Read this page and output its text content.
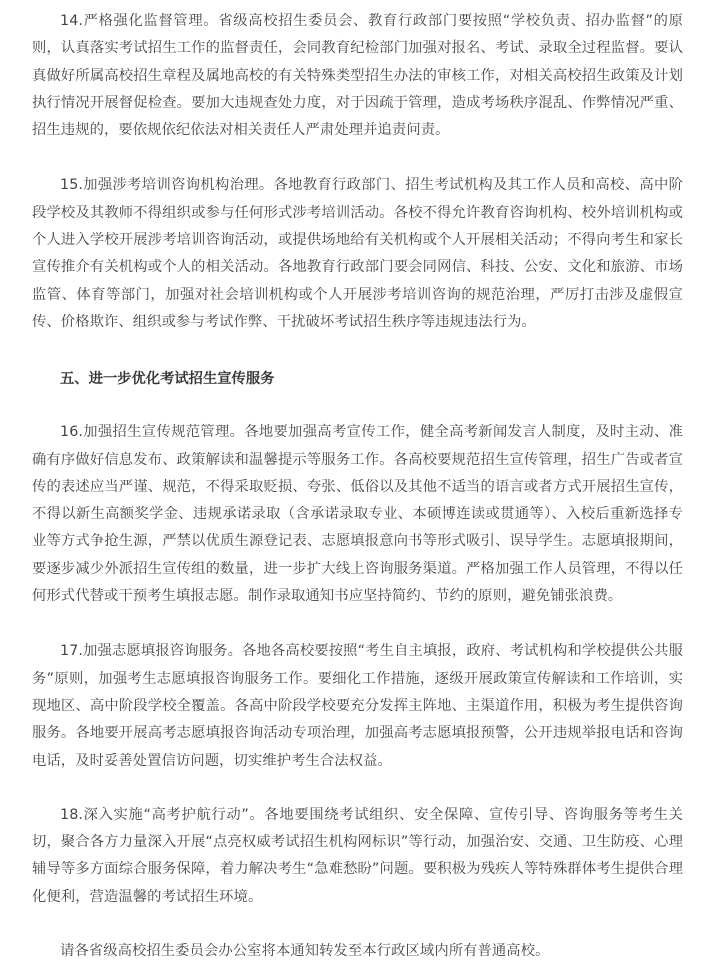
14.严格强化监督管理。省级高校招生委员会、教育行政部门要按照“学校负责、招办监督”的原则，认真落实考试招生工作的监督责任，会同教育纪检部门加强对报名、考试、录取全过程监督。要认真做好所属高校招生章程及属地高校的有关特殊类型招生办法的审核工作，对相关高校招生政策及计划执行情况开展督促检查。要加大违规查处力度，对于因疏于管理，造成考场秩序混乱、作弊情况严重、招生违规的，要依规依纪依法对相关责任人严肃处理并追责问责。

15.加强涉考培训咨询机构治理。各地教育行政部门、招生考试机构及其工作人员和高校、高中阶段学校及其教师不得组织或参与任何形式涉考培训活动。各校不得允许教育咨询机构、校外培训机构或个人进入学校开展涉考培训咨询活动，或提供场地给有关机构或个人开展相关活动；不得向考生和家长宣传推介有关机构或个人的相关活动。各地教育行政部门要会同网信、科技、公安、文化和旅游、市场监管、体育等部门，加强对社会培训机构或个人开展涉考培训咨询的规范治理，严厉打击涉及虚假宣传、价格欺诈、组织或参与考试作弊、干扰破坏考试招生秩序等违规违法行为。

五、进一步优化考试招生宣传服务

16.加强招生宣传规范管理。各地要加强高考宣传工作，健全高考新闻发言人制度，及时主动、准确有序做好信息发布、政策解读和温馨提示等服务工作。各高校要规范招生宣传管理，招生广告或者宣传的表述应当严谨、规范，不得采取贬损、夸张、低俗以及其他不适当的语言或者方式开展招生宣传，不得以新生高额奖学金、违规承诺录取（含承诺录取专业、本硕博连读或贯通等）、入校后重新选择专业等方式争抢生源，严禁以优质生源登记表、志愿填报意向书等形式吸引、误导学生。志愿填报期间，要逐步减少外派招生宣传组的数量，进一步扩大线上咨询服务渠道。严格加强工作人员管理，不得以任何形式代替或干预考生填报志愿。制作录取通知书应坚持简约、节约的原则，避免铺张浪费。

17.加强志愿填报咨询服务。各地各高校要按照“考生自主填报，政府、考试机构和学校提供公共服务”原则，加强考生志愿填报咨询服务工作。要细化工作措施，逐级开展政策宣传解读和工作培训，实现地区、高中阶段学校全覆盖。各高中阶段学校要充分发挥主阵地、主渠道作用，积极为考生提供咨询服务。各地要开展高考志愿填报咨询活动专项治理，加强高考志愿填报预警，公开违规举报电话和咨询电话，及时妥善处置信访问题，切实维护考生合法权益。

18.深入实施“高考护航行动”。各地要围绕考试组织、安全保障、宣传引导、咨询服务等考生关切，聚合各方力量深入开展“点亮权威考试招生机构网标识”等行动，加强治安、交通、卫生防疫、心理辅导等多方面综合服务保障，着力解决考生“急难愁盼”问题。要积极为残疾人等特殊群体考生提供合理化便利，营造温馨的考试招生环境。

请各省级高校招生委员会办公室将本通知转发至本行政区域内所有普通高校。
